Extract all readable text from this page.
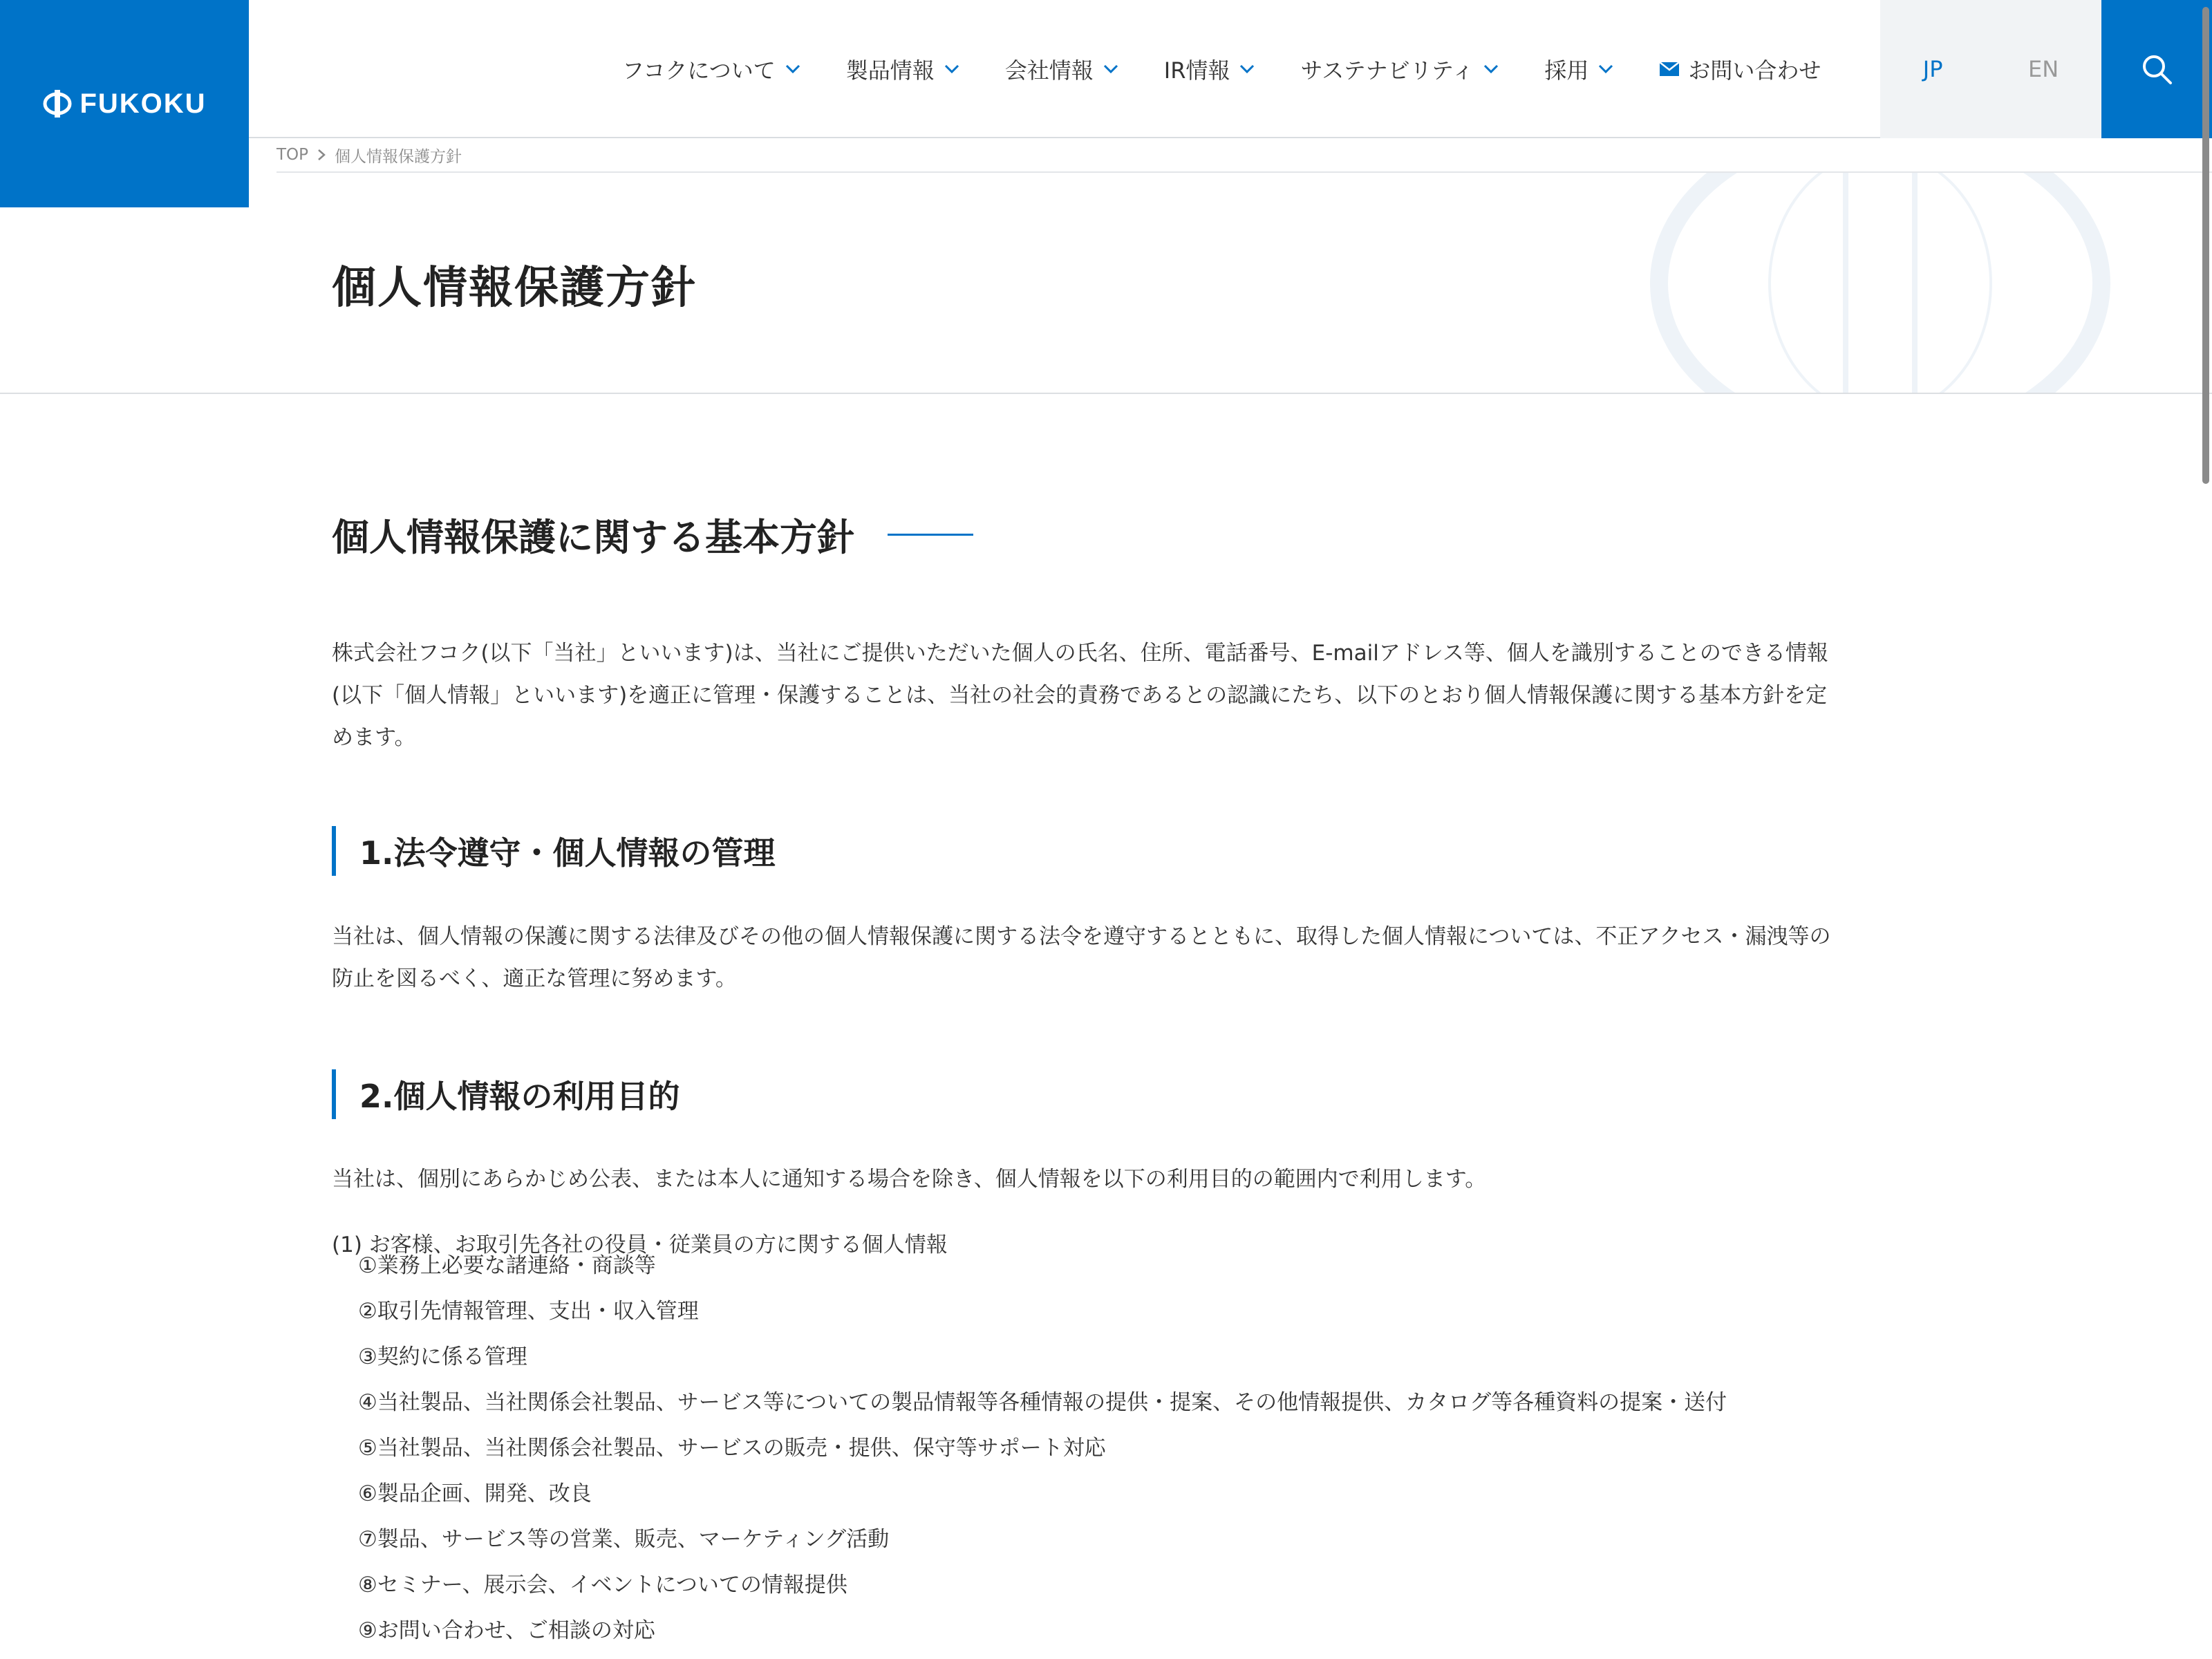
フコクについて	製品情報	会社情報	IR情報	サステナビリティ	採用	お問い合わせ	JP	EN
FUKOKU
TOP 個人情報保護方針
個人情報保護方針
個人情報保護に関する基本方針
株式会社フコク(以下「当社」といいます)は、当社にご提供いただいた個人の氏名、住所、電話番号、E-mailアドレス等、個人を識別することのできる情報
(以下「個人情報」といいます)を適正に管理・保護することは、当社の社会的責務であるとの認識にたち、以下のとおり個人情報保護に関する基本方針を定
めます。
1.法令遵守・個人情報の管理
当社は、個人情報の保護に関する法律及びその他の個人情報保護に関する法令を遵守するとともに、取得した個人情報については、不正アクセス・漏洩等の
防止を図るべく、適正な管理に努めます。
2.個人情報の利用目的
当社は、個別にあらかじめ公表、または本人に通知する場合を除き、個人情報を以下の利用目的の範囲内で利用します。
(1) お客様、お取引先各社の役員・従業員の方に関する個人情報
①業務上必要な諸連絡・商談等
②取引先情報管理、支出・収入管理
③契約に係る管理
④当社製品、当社関係会社製品、サービス等についての製品情報等各種情報の提供・提案、その他情報提供、カタログ等各種資料の提案・送付
⑤当社製品、当社関係会社製品、サービスの販売・提供、保守等サポート対応
⑥製品企画、開発、改良
⑦製品、サービス等の営業、販売、マーケティング活動
⑧セミナー、展示会、イベントについての情報提供
⑨お問い合わせ、ご相談の対応
